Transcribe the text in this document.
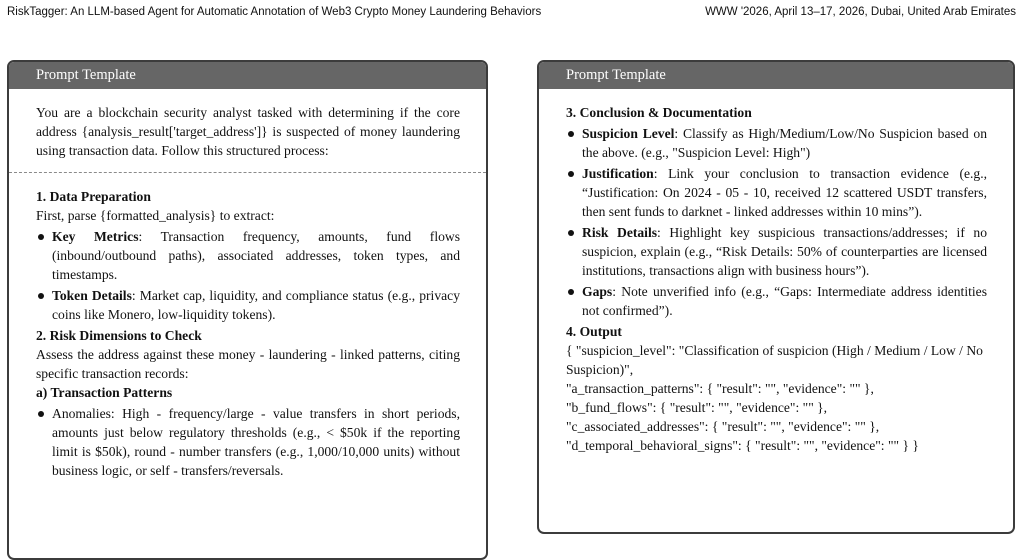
RiskTagger: An LLM-based Agent for Automatic Annotation of Web3 Crypto Money Laundering Behaviors	WWW '2026, April 13–17, 2026, Dubai, United Arab Emirates
Prompt Template

You are a blockchain security analyst tasked with determining if the core address {analysis_result['target_address']} is suspected of money laundering using transaction data. Follow this structured process:

1. Data Preparation

First, parse {formatted_analysis} to extract:

Key Metrics: Transaction frequency, amounts, fund flows (inbound/outbound paths), associated addresses, token types, and timestamps.
Token Details: Market cap, liquidity, and compliance status (e.g., privacy coins like Monero, low-liquidity tokens).

2. Risk Dimensions to Check

Assess the address against these money - laundering - linked patterns, citing specific transaction records:

a) Transaction Patterns

Anomalies: High - frequency/large - value transfers in short periods, amounts just below regulatory thresholds (e.g., < $50k if the reporting limit is $50k), round - number transfers (e.g., 1,000/10,000 units) without business logic, or self - transfers/reversals.
Prompt Template

3. Conclusion & Documentation

Suspicion Level: Classify as High/Medium/Low/No Suspicion based on the above. (e.g., "Suspicion Level: High")
Justification: Link your conclusion to transaction evidence (e.g., “Justification: On 2024 - 05 - 10, received 12 scattered USDT transfers, then sent funds to darknet - linked addresses within 10 mins”).
Risk Details: Highlight key suspicious transactions/addresses; if no suspicion, explain (e.g., “Risk Details: 50% of counterparties are licensed institutions, transactions align with business hours”).
Gaps: Note unverified info (e.g., “Gaps: Intermediate address identities not confirmed”).

4. Output

{ "suspicion_level": "Classification of suspicion (High / Medium / Low / No Suspicion)",

"a_transaction_patterns": { "result": "", "evidence": "" },

"b_fund_flows": { "result": "", "evidence": "" },

"c_associated_addresses": { "result": "", "evidence": "" },

"d_temporal_behavioral_signs": { "result": "", "evidence": "" } }
